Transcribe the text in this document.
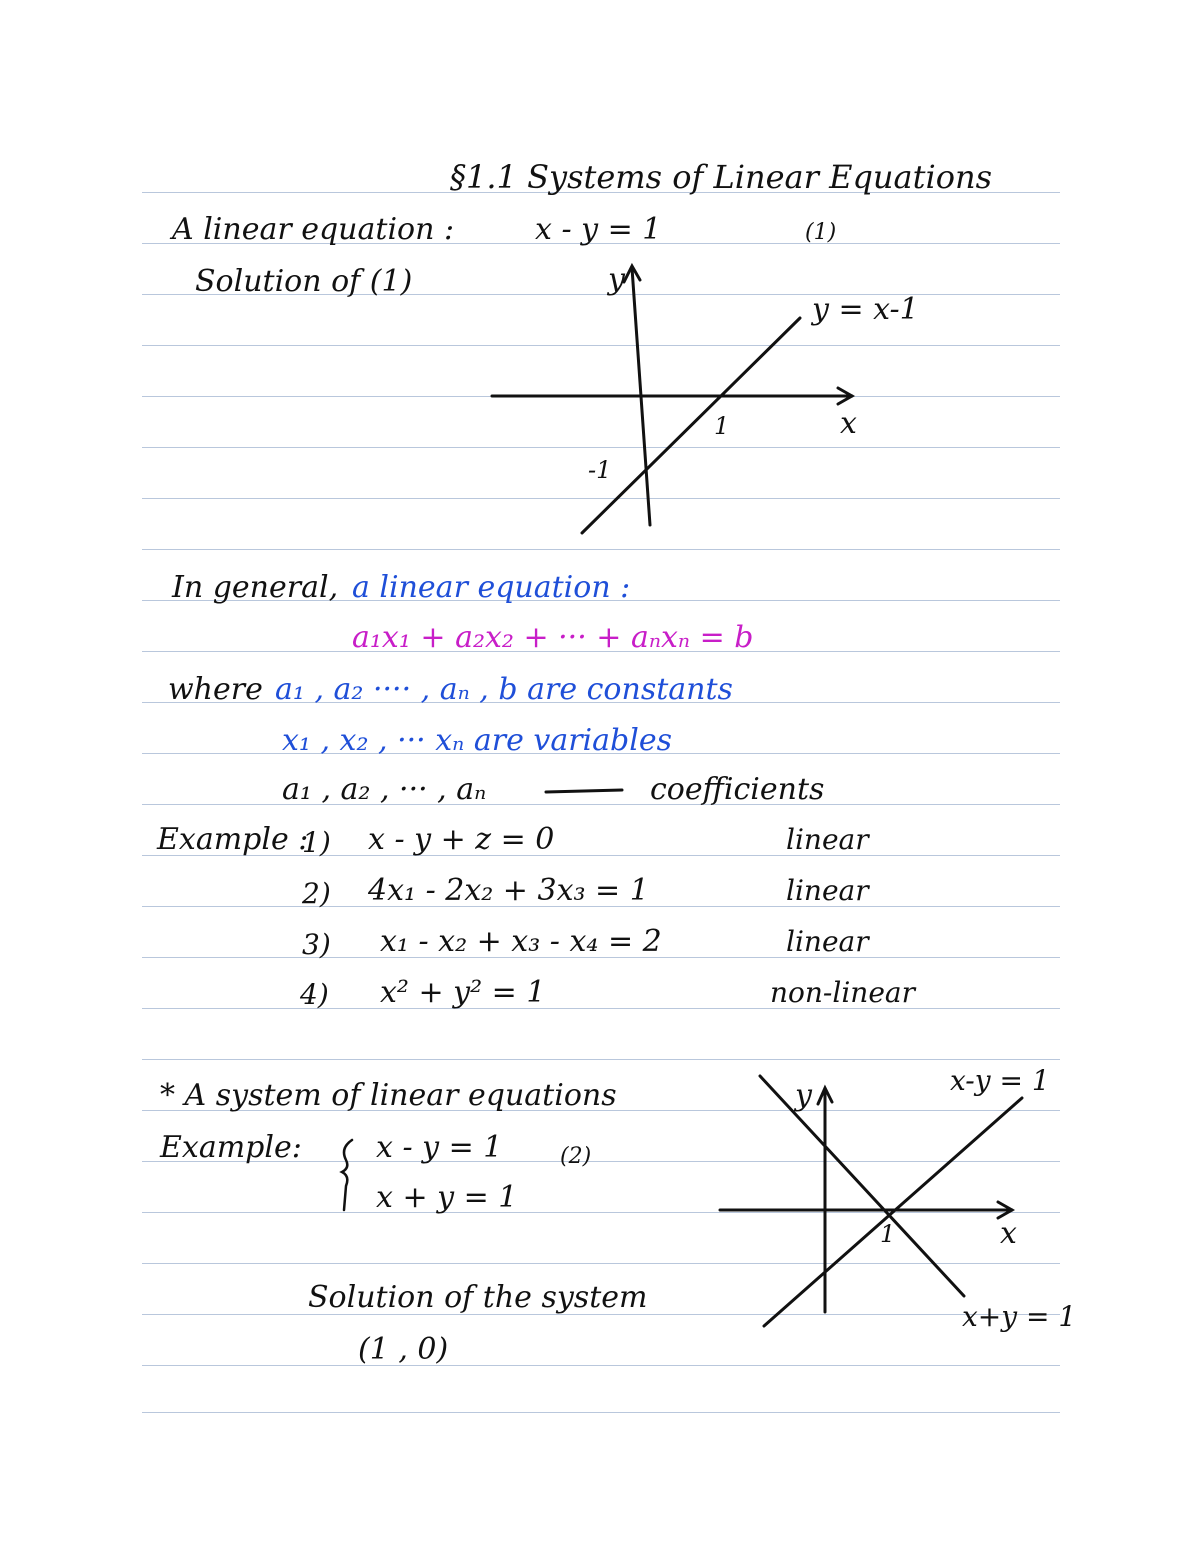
§1.1 Systems of Linear Equations
A linear equation :	x - y = 1	(1)
Solution of (1)	y
x
y = x-1
1
-1
In general, a linear equation :
a₁x₁ + a₂x₂ + ··· + aₙxₙ = b
where a₁ , a₂ ···· , aₙ , b are constants
x₁ , x₂ , ··· xₙ are variables
a₁ , a₂ , ··· , aₙ	coefficients
Example :
1) x - y + z = 0	linear
2) 4x₁ - 2x₂ + 3x₃ = 1	linear
3) x₁ - x₂ + x₃ - x₄ = 2	linear
4) x² + y² = 1	non-linear
* A system of linear equations
Example: x - y = 1	(2)
x + y = 1
Solution of the system
(1 , 0)
y
x
1
x-y = 1
x+y = 1
